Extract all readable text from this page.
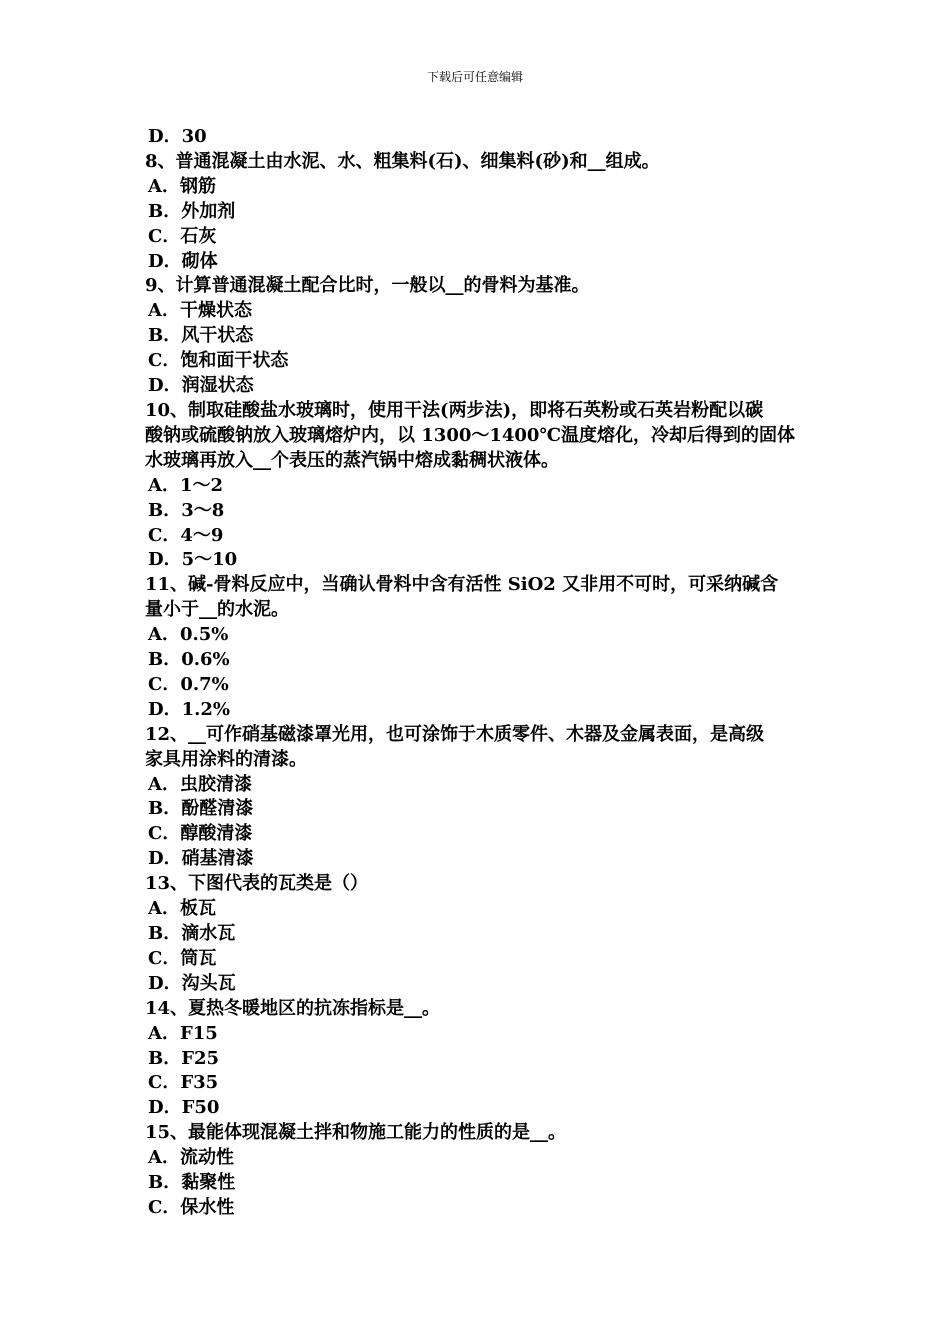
下载后可任意编辑
D．30
8、普通混凝土由水泥、水、粗集料(石)、细集料(砂)和__组成。
A．钢筋
B．外加剂
C．石灰
D．砌体
9、计算普通混凝土配合比时，一般以__的骨料为基准。
A．干燥状态
B．风干状态
C．饱和面干状态
D．润湿状态
10、制取硅酸盐水玻璃时，使用干法(两步法)，即将石英粉或石英岩粉配以碳
酸钠或硫酸钠放入玻璃熔炉内，以 1300～1400℃温度熔化，冷却后得到的固体
水玻璃再放入__个表压的蒸汽锅中熔成黏稠状液体。
A．1～2
B．3～8
C．4～9
D．5～10
11、碱-骨料反应中，当确认骨料中含有活性 SiO2 又非用不可时，可采纳碱含
量小于__的水泥。
A．0.5%
B．0.6%
C．0.7%
D．1.2%
12、__可作硝基磁漆罩光用，也可涂饰于木质零件、木器及金属表面，是高级
家具用涂料的清漆。
A．虫胶清漆
B．酚醛清漆
C．醇酸清漆
D．硝基清漆
13、下图代表的瓦类是（）
A．板瓦
B．滴水瓦
C．筒瓦
D．沟头瓦
14、夏热冬暖地区的抗冻指标是__。
A．F15
B．F25
C．F35
D．F50
15、最能体现混凝土拌和物施工能力的性质的是__。
A．流动性
B．黏聚性
C．保水性
